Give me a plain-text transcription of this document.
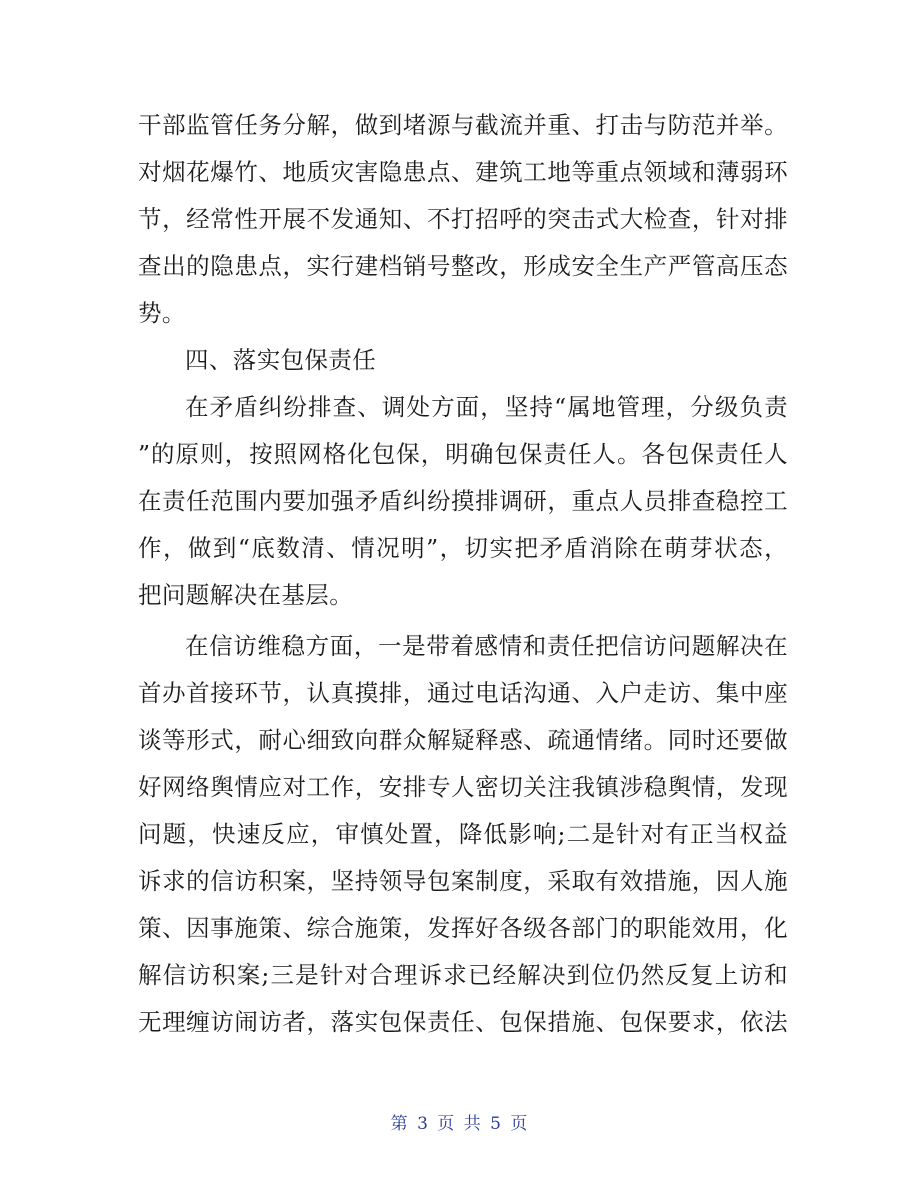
干部监管任务分解，做到堵源与截流并重、打击与防范并举。
对烟花爆竹、地质灾害隐患点、建筑工地等重点领域和薄弱环
节，经常性开展不发通知、不打招呼的突击式大检查，针对排
查出的隐患点，实行建档销号整改，形成安全生产严管高压态
势。
四、落实包保责任
在矛盾纠纷排查、调处方面，坚持“属地管理，分级负责
”的原则，按照网格化包保，明确包保责任人。各包保责任人
在责任范围内要加强矛盾纠纷摸排调研，重点人员排查稳控工
作，做到“底数清、情况明”，切实把矛盾消除在萌芽状态，
把问题解决在基层。
在信访维稳方面，一是带着感情和责任把信访问题解决在
首办首接环节，认真摸排，通过电话沟通、入户走访、集中座
谈等形式，耐心细致向群众解疑释惑、疏通情绪。同时还要做
好网络舆情应对工作，安排专人密切关注我镇涉稳舆情，发现
问题，快速反应，审慎处置，降低影响;二是针对有正当权益
诉求的信访积案，坚持领导包案制度，采取有效措施，因人施
策、因事施策、综合施策，发挥好各级各部门的职能效用，化
解信访积案;三是针对合理诉求已经解决到位仍然反复上访和
无理缠访闹访者，落实包保责任、包保措施、包保要求，依法
第 3 页 共 5 页
